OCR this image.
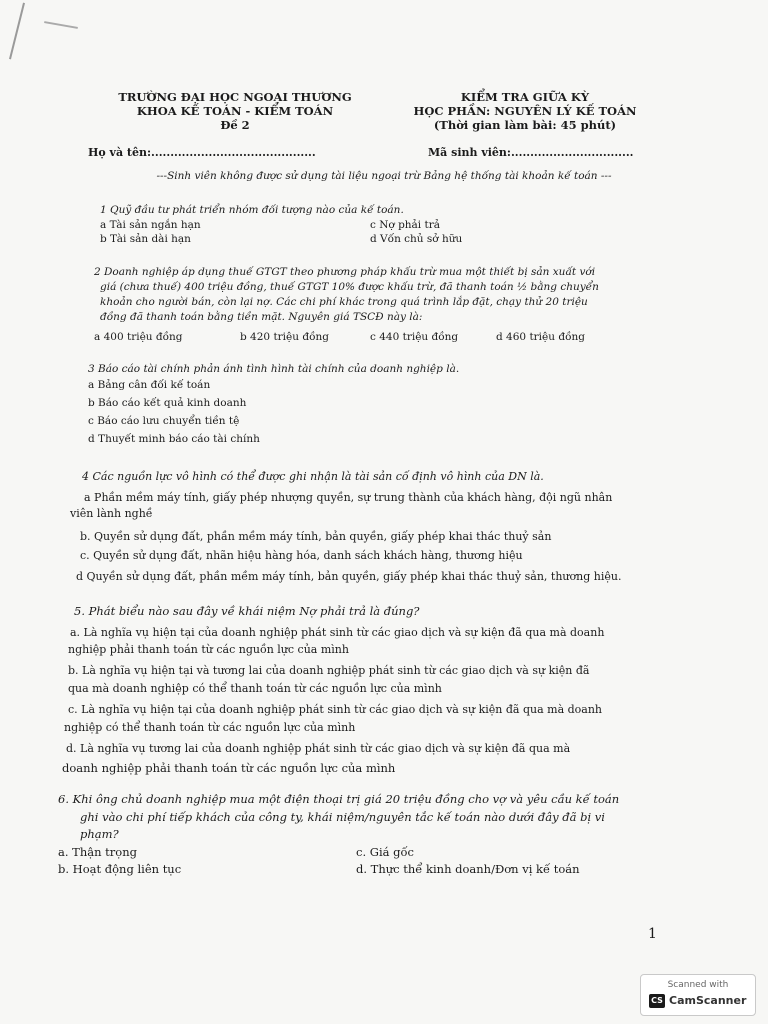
TRƯỜNG ĐẠI HỌC NGOẠI THƯƠNG
KHOA KẾ TOÁN - KIỂM TOÁN
Đề 2
KIỂM TRA GIỮA KỲ
HỌC PHẦN: NGUYÊN LÝ KẾ TOÁN
(Thời gian làm bài: 45 phút)
Họ và tên:...........................................	Mã sinh viên:................................
---Sinh viên không được sử dụng tài liệu ngoại trừ Bảng hệ thống tài khoản kế toán ---
1 Quỹ đầu tư phát triển nhóm đối tượng nào của kế toán.
a Tài sản ngắn hạn
b Tài sản dài hạn
c Nợ phải trả
d Vốn chủ sở hữu
2 Doanh nghiệp áp dụng thuế GTGT theo phương pháp khấu trừ mua một thiết bị sản xuất với
giá (chưa thuế) 400 triệu đồng, thuế GTGT 10% được khấu trừ, đã thanh toán ½ bằng chuyển
khoản cho người bán, còn lại nợ. Các chi phí khác trong quá trình lắp đặt, chạy thử 20 triệu
đồng đã thanh toán bằng tiền mặt. Nguyên giá TSCĐ này là:
a 400 triệu đồng	b 420 triệu đồng	c 440 triệu đồng	d 460 triệu đồng
3 Báo cáo tài chính phản ánh tình hình tài chính của doanh nghiệp là.
a Bảng cân đối kế toán
b Báo cáo kết quả kinh doanh
c Báo cáo lưu chuyển tiền tệ
d Thuyết minh báo cáo tài chính
4 Các nguồn lực vô hình có thể được ghi nhận là tài sản cố định vô hình của DN là.
a Phần mềm máy tính, giấy phép nhượng quyền, sự trung thành của khách hàng, đội ngũ nhân
viên lành nghề
b. Quyền sử dụng đất, phần mềm máy tính, bản quyền, giấy phép khai thác thuỷ sản
c. Quyền sử dụng đất, nhãn hiệu hàng hóa, danh sách khách hàng, thương hiệu
d Quyền sử dụng đất, phần mềm máy tính, bản quyền, giấy phép khai thác thuỷ sản, thương hiệu.
5. Phát biểu nào sau đây về khái niệm Nợ phải trả là đúng?
a. Là nghĩa vụ hiện tại của doanh nghiệp phát sinh từ các giao dịch và sự kiện đã qua mà doanh
nghiệp phải thanh toán từ các nguồn lực của mình
b. Là nghĩa vụ hiện tại và tương lai của doanh nghiệp phát sinh từ các giao dịch và sự kiện đã
qua mà doanh nghiệp có thể thanh toán từ các nguồn lực của mình
c. Là nghĩa vụ hiện tại của doanh nghiệp phát sinh từ các giao dịch và sự kiện đã qua mà doanh
nghiệp có thể thanh toán từ các nguồn lực của mình
d. Là nghĩa vụ tương lai của doanh nghiệp phát sinh từ các giao dịch và sự kiện đã qua mà
doanh nghiệp phải thanh toán từ các nguồn lực của mình
6. Khi ông chủ doanh nghiệp mua một điện thoại trị giá 20 triệu đồng cho vợ và yêu cầu kế toán
ghi vào chi phí tiếp khách của công ty, khái niệm/nguyên tắc kế toán nào dưới đây đã bị vi
phạm?
a. Thận trọng
b. Hoạt động liên tục
c. Giá gốc
d. Thực thể kinh doanh/Đơn vị kế toán
1
Scanned with
CS CamScanner
